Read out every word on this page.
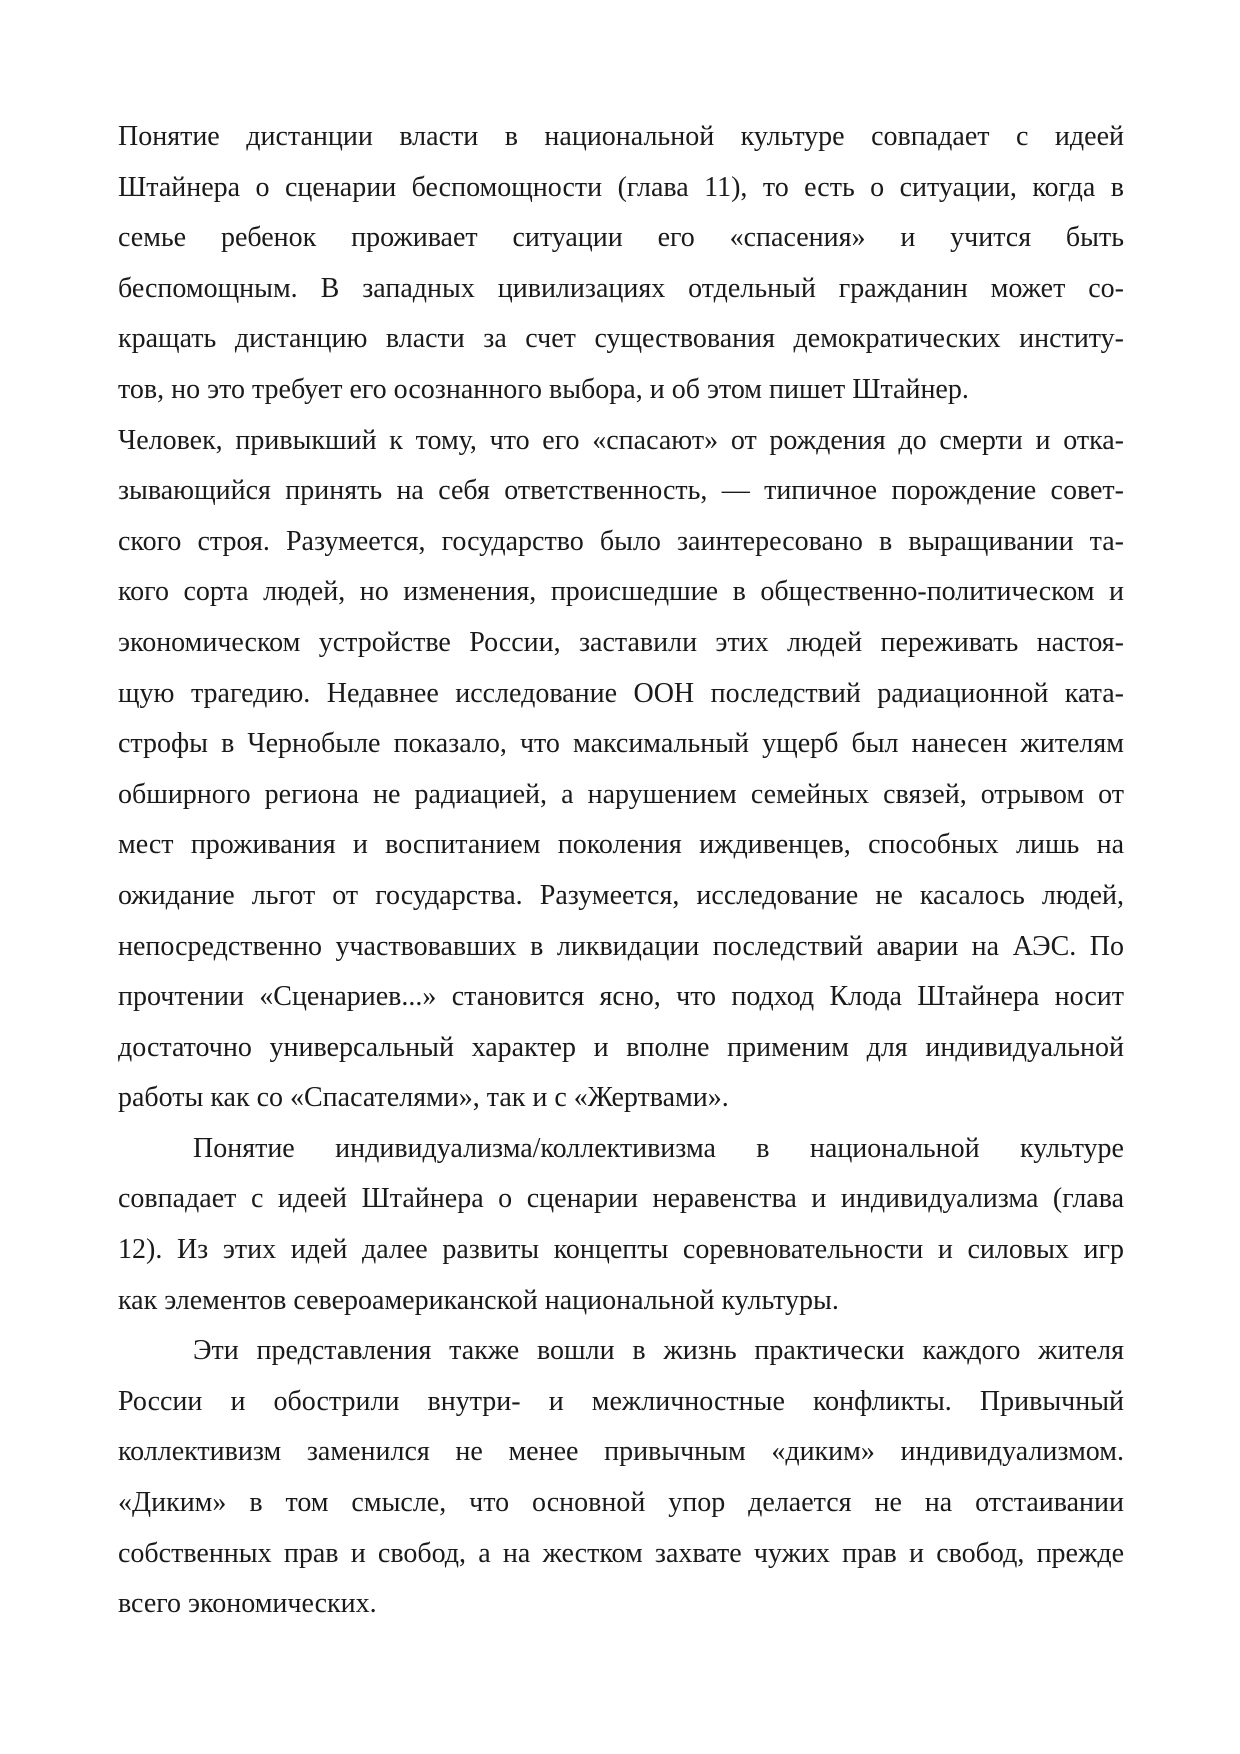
Понятие дистанции власти в национальной культуре совпадает с идеей
Штайнера о сценарии беспомощности (глава 11), то есть о ситуации, когда в
семье ребенок проживает ситуации его «спасения» и учится быть
беспомощным. В западных цивилизациях отдельный гражданин может со-
кращать дистанцию власти за счет существования демократических институ-
тов, но это требует его осознанного выбора, и об этом пишет Штайнер.
Человек, привыкший к тому, что его «спасают» от рождения до смерти и отка-
зывающийся принять на себя ответственность, — типичное порождение совет-
ского строя. Разумеется, государство было заинтересовано в выращивании та-
кого сорта людей, но изменения, происшедшие в общественно-политическом и
экономическом устройстве России, заставили этих людей переживать настоя-
щую трагедию. Недавнее исследование ООН последствий радиационной ката-
строфы в Чернобыле показало, что максимальный ущерб был нанесен жителям
обширного региона не радиацией, а нарушением семейных связей, отрывом от
мест проживания и воспитанием поколения иждивенцев, способных лишь на
ожидание льгот от государства. Разумеется, исследование не касалось людей,
непосредственно участвовавших в ликвидации последствий аварии на АЭС. По
прочтении «Сценариев...» становится ясно, что подход Клода Штайнера носит
достаточно универсальный характер и вполне применим для индивидуальной
работы как со «Спасателями», так и с «Жертвами».
Понятие индивидуализма/коллективизма в национальной культуре
совпадает с идеей Штайнера о сценарии неравенства и индивидуализма (глава
12). Из этих идей далее развиты концепты соревновательности и силовых игр
как элементов североамериканской национальной культуры.
Эти представления также вошли в жизнь практически каждого жителя
России и обострили внутри- и межличностные конфликты. Привычный
коллективизм заменился не менее привычным «диким» индивидуализмом.
«Диким» в том смысле, что основной упор делается не на отстаивании
собственных прав и свобод, а на жестком захвате чужих прав и свобод, прежде
всего экономических.
